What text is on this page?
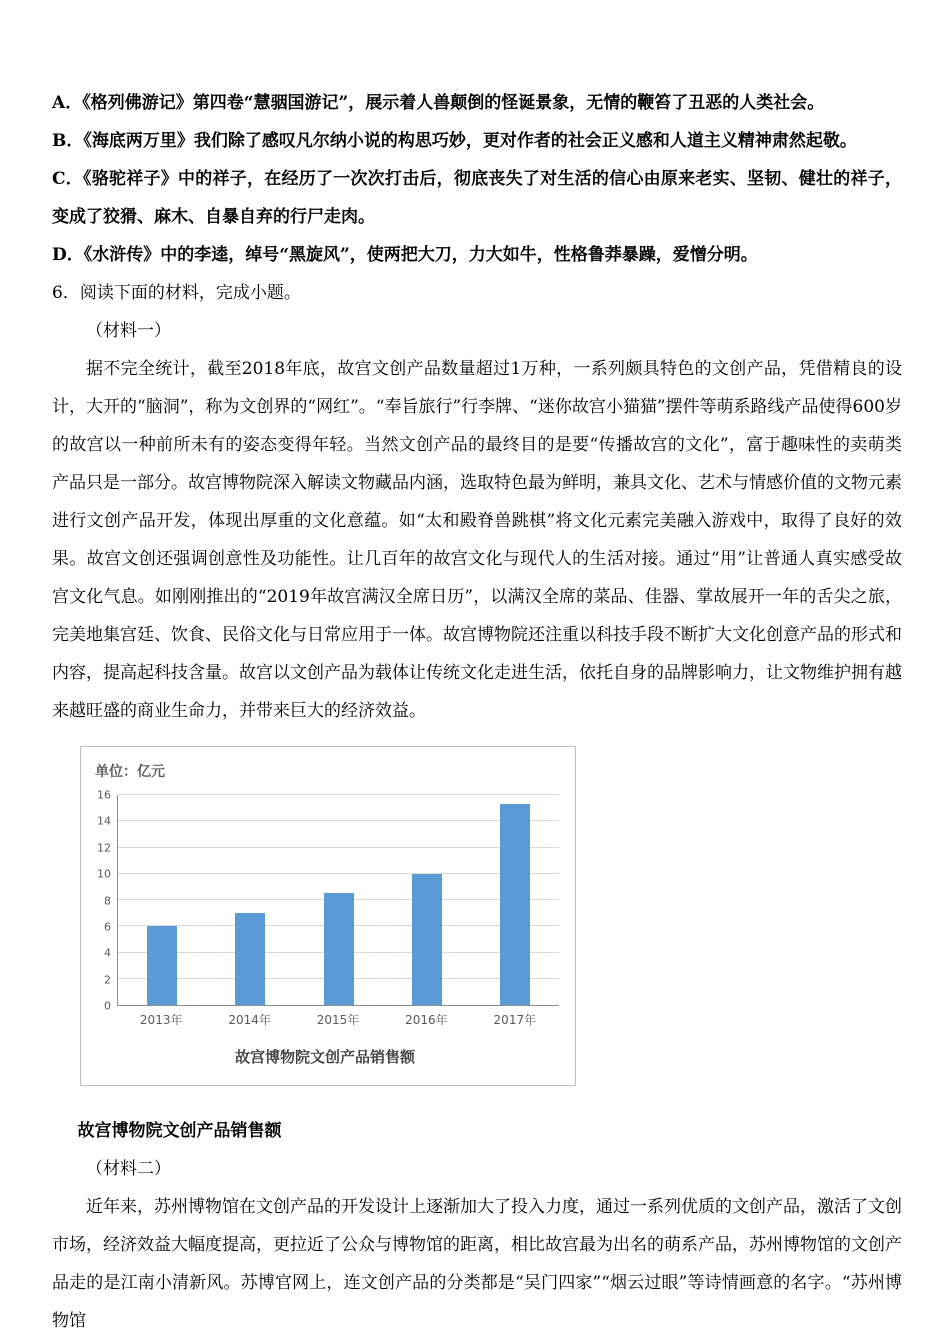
A．《格列佛游记》第四卷“慧骃国游记”，展示着人兽颠倒的怪诞景象，无情的鞭笞了丑恶的人类社会。
B．《海底两万里》我们除了感叹凡尔纳小说的构思巧妙，更对作者的社会正义感和人道主义精神肃然起敬。
C．《骆驼祥子》中的祥子，在经历了一次次打击后，彻底丧失了对生活的信心由原来老实、坚韧、健壮的祥子，变成了狡猾、麻木、自暴自弃的行尸走肉。
D．《水浒传》中的李逵，绰号“黑旋风”，使两把大刀，力大如牛，性格鲁莽暴躁，爱憎分明。
6．阅读下面的材料，完成小题。
（材料一）
据不完全统计，截至2018年底，故宫文创产品数量超过1万种，一系列颇具特色的文创产品，凭借精良的设计，大开的“脑洞”，称为文创界的“网红”。“奉旨旅行”行李牌、“迷你故宫小猫猫”摆件等萌系路线产品使得600岁的故宫以一种前所未有的姿态变得年轻。当然文创产品的最终目的是要“传播故宫的文化”，富于趣味性的卖萌类产品只是一部分。故宫博物院深入解读文物藏品内涵，选取特色最为鲜明，兼具文化、艺术与情感价值的文物元素进行文创产品开发，体现出厚重的文化意蕴。如“太和殿脊兽跳棋”将文化元素完美融入游戏中，取得了良好的效果。故宫文创还强调创意性及功能性。让几百年的故宫文化与现代人的生活对接。通过“用”让普通人真实感受故宫文化气息。如刚刚推出的“2019年故宫满汉全席日历”，以满汉全席的菜品、佳器、掌故展开一年的舌尖之旅，完美地集宫廷、饮食、民俗文化与日常应用于一体。故宫博物院还注重以科技手段不断扩大文化创意产品的形式和内容，提高起科技含量。故宫以文创产品为载体让传统文化走进生活，依托自身的品牌影响力，让文物维护拥有越来越旺盛的商业生命力，并带来巨大的经济效益。
单位：亿元
0
2
4
6
8
10
12
14
16
2013年	2014年	2015年	2016年	2017年
故宫博物院文创产品销售额
故宫博物院文创产品销售额
（材料二）
近年来，苏州博物馆在文创产品的开发设计上逐渐加大了投入力度，通过一系列优质的文创产品，激活了文创市场，经济效益大幅度提高，更拉近了公众与博物馆的距离，相比故宫最为出名的萌系产品，苏州博物馆的文创产品走的是江南小清新风。苏博官网上，连文创产品的分类都是“吴门四家”“烟云过眼”等诗情画意的名字。“苏州博物馆
